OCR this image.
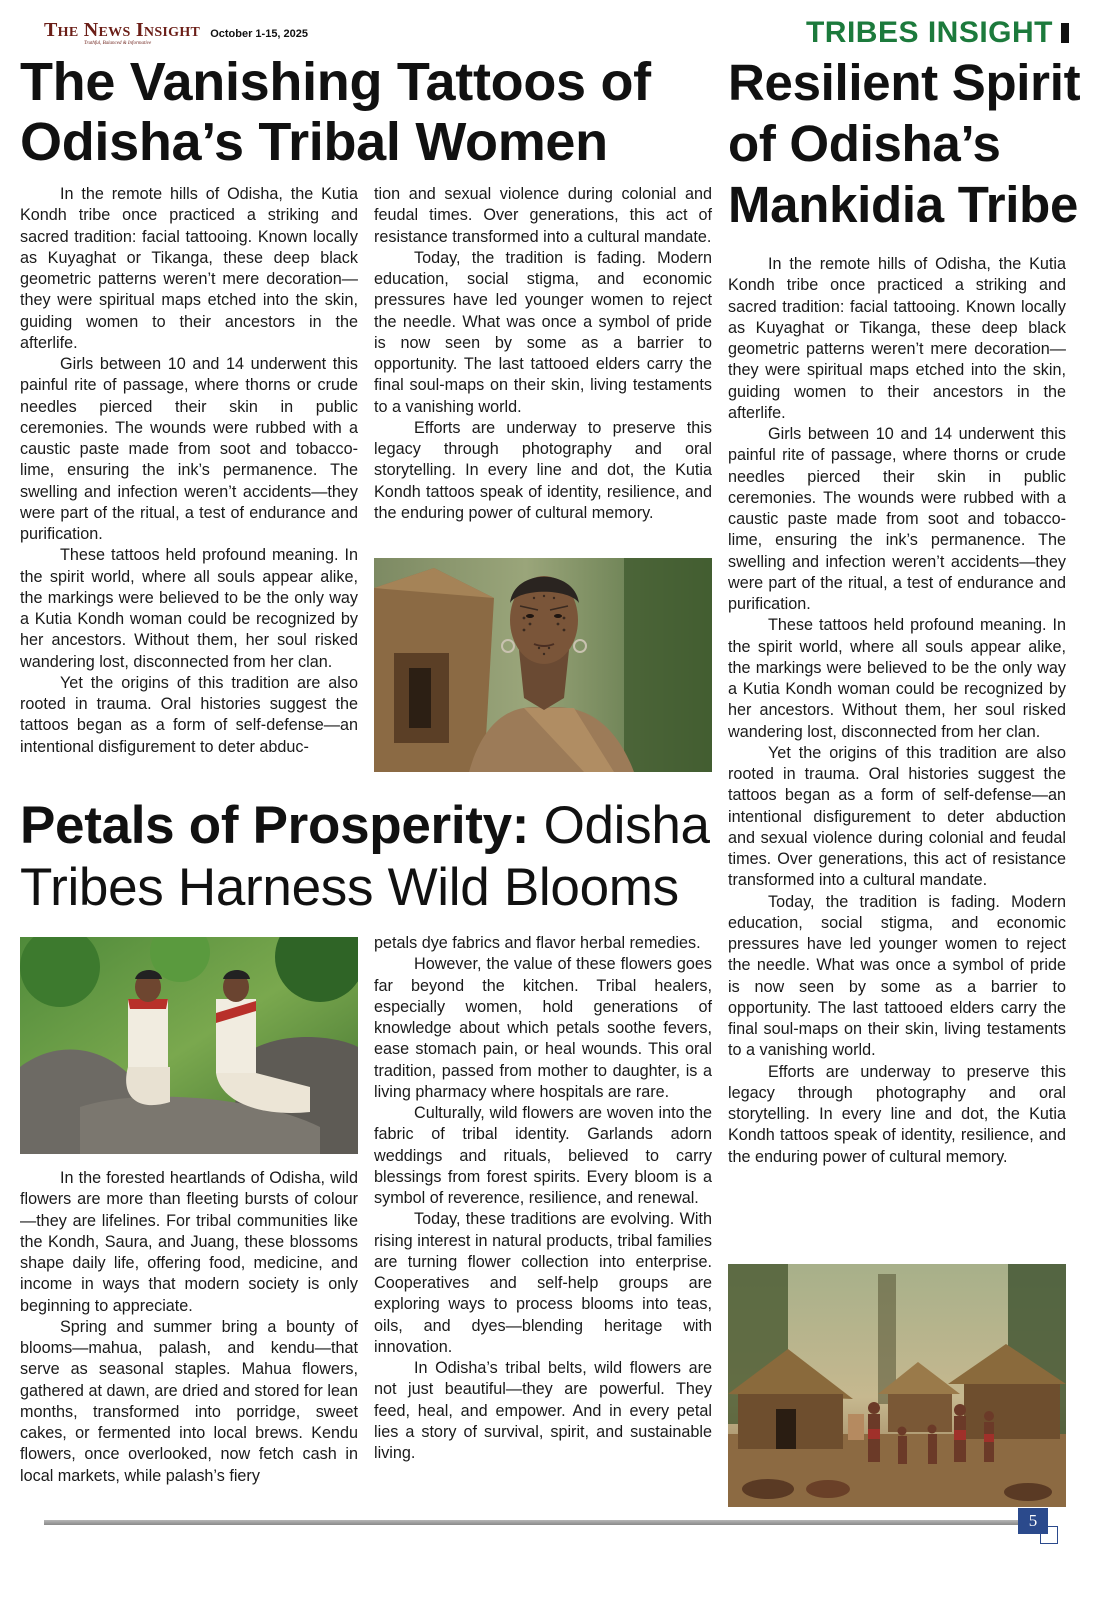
The News Insight
Truthful, Balanced & Informative
October 1-15, 2025	TRIBES INSIGHT
The Vanishing Tattoos of Odisha’s Tribal Women

In the remote hills of Odisha, the Kutia Kondh tribe once practiced a striking and sacred tradition: facial tattooing. Known locally as Kuyaghat or Tikanga, these deep black geometric patterns weren’t mere decoration—they were spiritual maps etched into the skin, guiding women to their ancestors in the afterlife.

Girls between 10 and 14 underwent this painful rite of passage, where thorns or crude needles pierced their skin in public ceremonies. The wounds were rubbed with a caustic paste made from soot and tobacco-lime, ensuring the ink’s permanence. The swelling and infection weren’t accidents—they were part of the ritual, a test of endurance and purification.

These tattoos held profound meaning. In the spirit world, where all souls appear alike, the markings were believed to be the only way a Kutia Kondh woman could be recognized by her ancestors. Without them, her soul risked wandering lost, disconnected from her clan.

Yet the origins of this tradition are also rooted in trauma. Oral histories suggest the tattoos began as a form of self-defense—an intentional disfigurement to deter abduc-

tion and sexual violence during colonial and feudal times. Over generations, this act of resistance transformed into a cultural mandate.

Today, the tradition is fading. Modern education, social stigma, and economic pressures have led younger women to reject the needle. What was once a symbol of pride is now seen by some as a barrier to opportunity. The last tattooed elders carry the final soul-maps on their skin, living testaments to a vanishing world.

Efforts are underway to preserve this legacy through photography and oral storytelling. In every line and dot, the Kutia Kondh tattoos speak of identity, resilience, and the enduring power of cultural memory.

Resilient Spirit of Odisha’s Mankidia Tribe

In the remote hills of Odisha, the Kutia Kondh tribe once practiced a striking and sacred tradition: facial tattooing. Known locally as Kuyaghat or Tikanga, these deep black geometric patterns weren’t mere decoration—they were spiritual maps etched into the skin, guiding women to their ancestors in the afterlife.

Girls between 10 and 14 underwent this painful rite of passage, where thorns or crude needles pierced their skin in public ceremonies. The wounds were rubbed with a caustic paste made from soot and tobacco-lime, ensuring the ink’s permanence. The swelling and infection weren’t accidents—they were part of the ritual, a test of endurance and purification.

These tattoos held profound meaning. In the spirit world, where all souls appear alike, the markings were believed to be the only way a Kutia Kondh woman could be recognized by her ancestors. Without them, her soul risked wandering lost, disconnected from her clan.

Yet the origins of this tradition are also rooted in trauma. Oral histories suggest the tattoos began as a form of self-defense—an intentional disfigurement to deter abduction and sexual violence during colonial and feudal times. Over generations, this act of resistance transformed into a cultural mandate.

Today, the tradition is fading. Modern education, social stigma, and economic pressures have led younger women to reject the needle. What was once a symbol of pride is now seen by some as a barrier to opportunity. The last tattooed elders carry the final soul-maps on their skin, living testaments to a vanishing world.

Efforts are underway to preserve this legacy through photography and oral storytelling. In every line and dot, the Kutia Kondh tattoos speak of identity, resilience, and the enduring power of cultural memory.

Petals of Prosperity: Odisha Tribes Harness Wild Blooms

In the forested heartlands of Odisha, wild flowers are more than fleeting bursts of colour—they are lifelines. For tribal communities like the Kondh, Saura, and Juang, these blossoms shape daily life, offering food, medicine, and income in ways that modern society is only beginning to appreciate.

Spring and summer bring a bounty of blooms—mahua, palash, and kendu—that serve as seasonal staples. Mahua flowers, gathered at dawn, are dried and stored for lean months, transformed into porridge, sweet cakes, or fermented into local brews. Kendu flowers, once overlooked, now fetch cash in local markets, while palash’s fiery

petals dye fabrics and flavor herbal remedies.

However, the value of these flowers goes far beyond the kitchen. Tribal healers, especially women, hold generations of knowledge about which petals soothe fevers, ease stomach pain, or heal wounds. This oral tradition, passed from mother to daughter, is a living pharmacy where hospitals are rare.

Culturally, wild flowers are woven into the fabric of tribal identity. Garlands adorn weddings and rituals, believed to carry blessings from forest spirits. Every bloom is a symbol of reverence, resilience, and renewal.

Today, these traditions are evolving. With rising interest in natural products, tribal families are turning flower collection into enterprise. Cooperatives and self-help groups are exploring ways to process blooms into teas, oils, and dyes—blending heritage with innovation.

In Odisha’s tribal belts, wild flowers are not just beautiful—they are powerful. They feed, heal, and empower. And in every petal lies a story of survival, spirit, and sustainable living.

5
